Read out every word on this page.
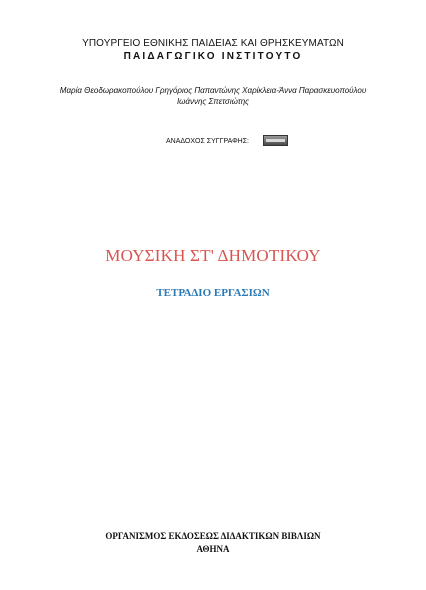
ΥΠΟΥΡΓΕΙΟ ΕΘΝΙΚΗΣ ΠΑΙΔΕΙΑΣ ΚΑΙ ΘΡΗΣΚΕΥΜΑΤΩΝ
ΠΑΙΔΑΓΩΓΙΚΟ ΙΝΣΤΙΤΟΥΤΟ
Μαρία Θεοδωρακοπούλου Γρηγόριος Παπαντώνης Χαρίκλεια-Άννα Παρασκευοπούλου
Ιωάννης Σπετσιώτης
ΑΝΑΔΟΧΟΣ ΣΥΓΓΡΑΦΗΣ:
ΜΟΥΣΙΚΗ ΣΤ' ΔΗΜΟΤΙΚΟΥ
ΤΕΤΡΑΔΙΟ ΕΡΓΑΣΙΩΝ
ΟΡΓΑΝΙΣΜΟΣ ΕΚΔΟΣΕΩΣ ΔΙΔΑΚΤΙΚΩΝ ΒΙΒΛΙΩΝ
ΑΘΗΝΑ
